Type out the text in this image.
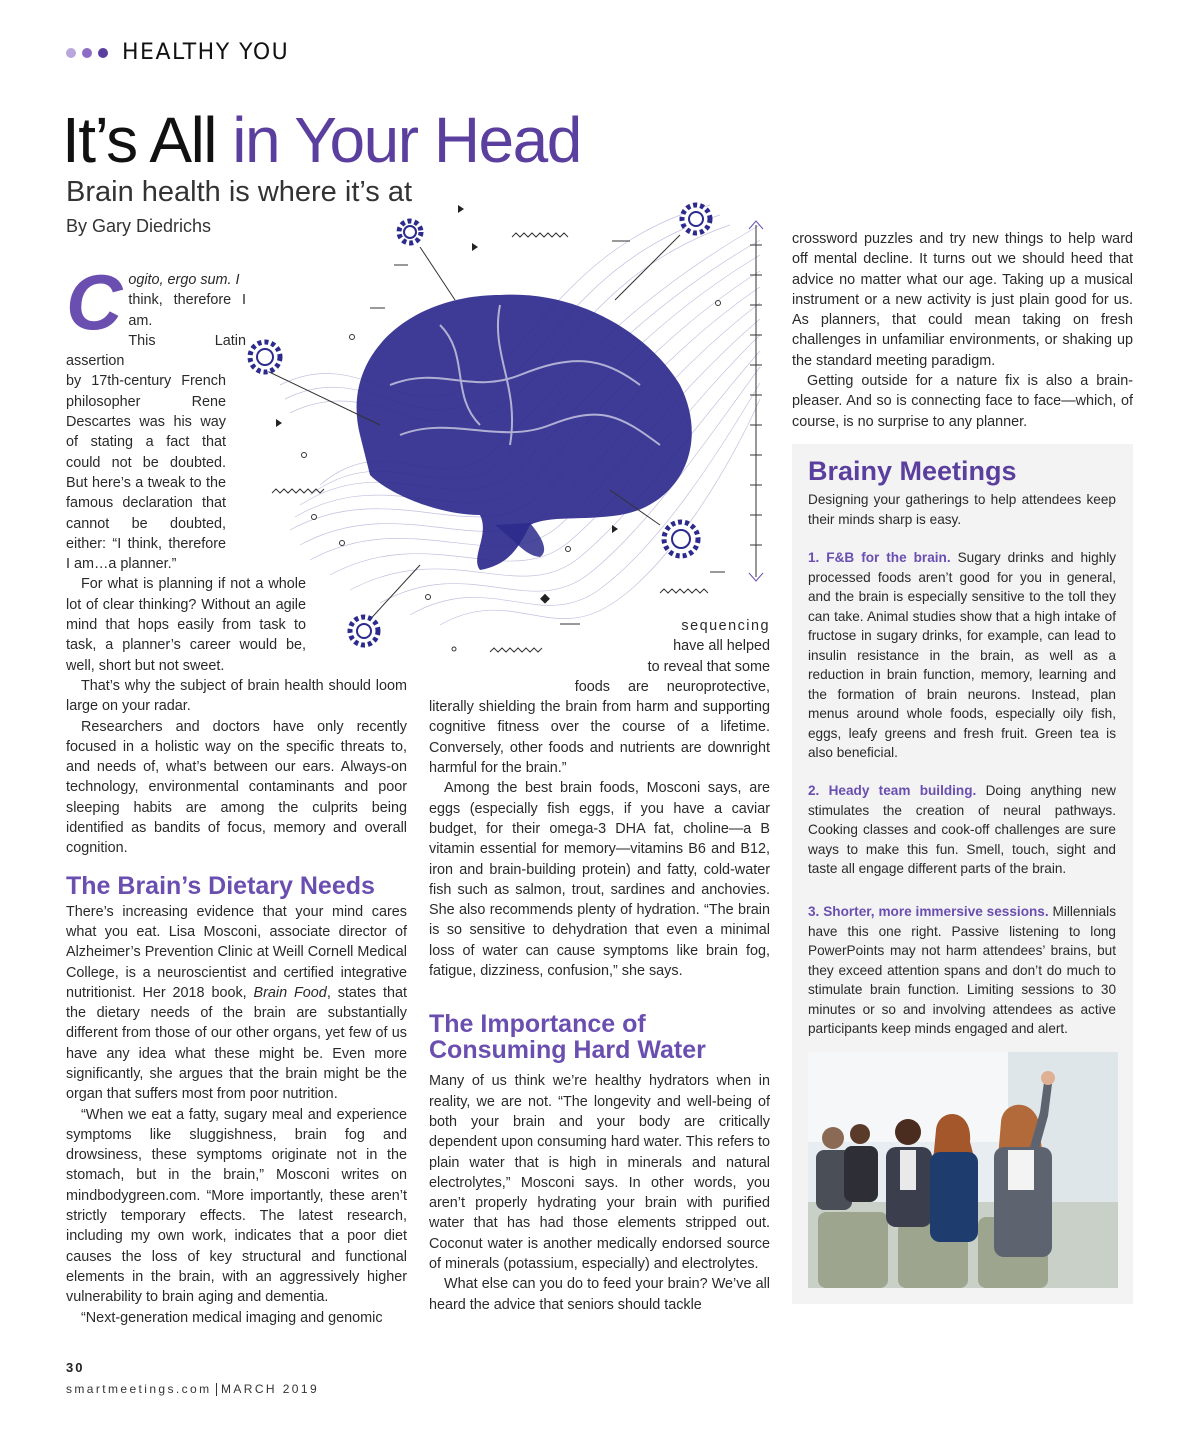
HEALTHY YOU
It’s All in Your Head
Brain health is where it’s at
By Gary Diedrichs
C ogito, ergo sum. I
think, therefore I am.
This Latin assertion

by 17th-century French philosopher Rene Descartes was his way of stating a fact that could not be doubted. But here’s a tweak to the famous declaration that cannot be doubted, either: “I think, therefore I am…a planner.”

For what is planning if not a whole lot of clear thinking? Without an agile mind that hops easily from task to task, a planner’s career would be, well, short but not sweet.

That’s why the subject of brain health should loom large on your radar.

Researchers and doctors have only recently focused in a holistic way on the specific threats to, and needs of, what’s between our ears. Always-on technology, environmental contaminants and poor sleeping habits are among the culprits being identified as bandits of focus, memory and overall cognition.

The Brain’s Dietary Needs

There’s increasing evidence that your mind cares what you eat. Lisa Mosconi, associate director of Alzheimer’s Prevention Clinic at Weill Cornell Medical College, is a neuroscientist and certified integrative nutritionist. Her 2018 book, Brain Food, states that the dietary needs of the brain are substantially different from those of our other organs, yet few of us have any idea what these might be. Even more significantly, she argues that the brain might be the organ that suffers most from poor nutrition.

“When we eat a fatty, sugary meal and experience symptoms like sluggishness, brain fog and drowsiness, these symptoms originate not in the stomach, but in the brain,” Mosconi writes on mindbodygreen.com. “More importantly, these aren’t strictly temporary effects. The latest research, including my own work, indicates that a poor diet causes the loss of key structural and functional elements in the brain, with an aggressively higher vulnerability to brain aging and dementia.

“Next-generation medical imaging and genomic

sequencing
have all helped
to reveal that some
foods are neuroprotective,

literally shielding the brain from harm and supporting cognitive fitness over the course of a lifetime. Conversely, other foods and nutrients are downright harmful for the brain.”

Among the best brain foods, Mosconi says, are eggs (especially fish eggs, if you have a caviar budget, for their omega-3 DHA fat, choline—a B vitamin essential for memory—vitamins B6 and B12, iron and brain-building protein) and fatty, cold-water fish such as salmon, trout, sardines and anchovies. She also recommends plenty of hydration. “The brain is so sensitive to dehydration that even a minimal loss of water can cause symptoms like brain fog, fatigue, dizziness, confusion,” she says.

The Importance of
Consuming Hard Water

Many of us think we’re healthy hydrators when in reality, we are not. “The longevity and well-being of both your brain and your body are critically dependent upon consuming hard water. This refers to plain water that is high in minerals and natural electrolytes,” Mosconi says. In other words, you aren’t properly hydrating your brain with purified water that has had those elements stripped out. Coconut water is another medically endorsed source of minerals (potassium, especially) and electrolytes.

What else can you do to feed your brain? We’ve all heard the advice that seniors should tackle

crossword puzzles and try new things to help ward off mental decline. It turns out we should heed that advice no matter what our age. Taking up a musical instrument or a new activity is just plain good for us. As planners, that could mean taking on fresh challenges in unfamiliar environments, or shaking up the standard meeting paradigm.

Getting outside for a nature fix is also a brain-pleaser. And so is connecting face to face—which, of course, is no surprise to any planner.

Brainy Meetings
Designing your gatherings to help attendees keep their minds sharp is easy.
1. F&B for the brain. Sugary drinks and highly processed foods aren’t good for you in general, and the brain is especially sensitive to the toll they can take. Animal studies show that a high intake of fructose in sugary drinks, for example, can lead to insulin resistance in the brain, as well as a reduction in brain function, memory, learning and the formation of brain neurons. Instead, plan menus around whole foods, especially oily fish, eggs, leafy greens and fresh fruit. Green tea is also beneficial.
2. Heady team building. Doing anything new stimulates the creation of neural pathways. Cooking classes and cook-off challenges are sure ways to make this fun. Smell, touch, sight and taste all engage different parts of the brain.
3. Shorter, more immersive sessions. Millennials have this one right. Passive listening to long PowerPoints may not harm attendees’ brains, but they exceed attention spans and don’t do much to stimulate brain function. Limiting sessions to 30 minutes or so and involving attendees as active participants keep minds engaged and alert.
30
smartmeetings.com MARCH 2019
